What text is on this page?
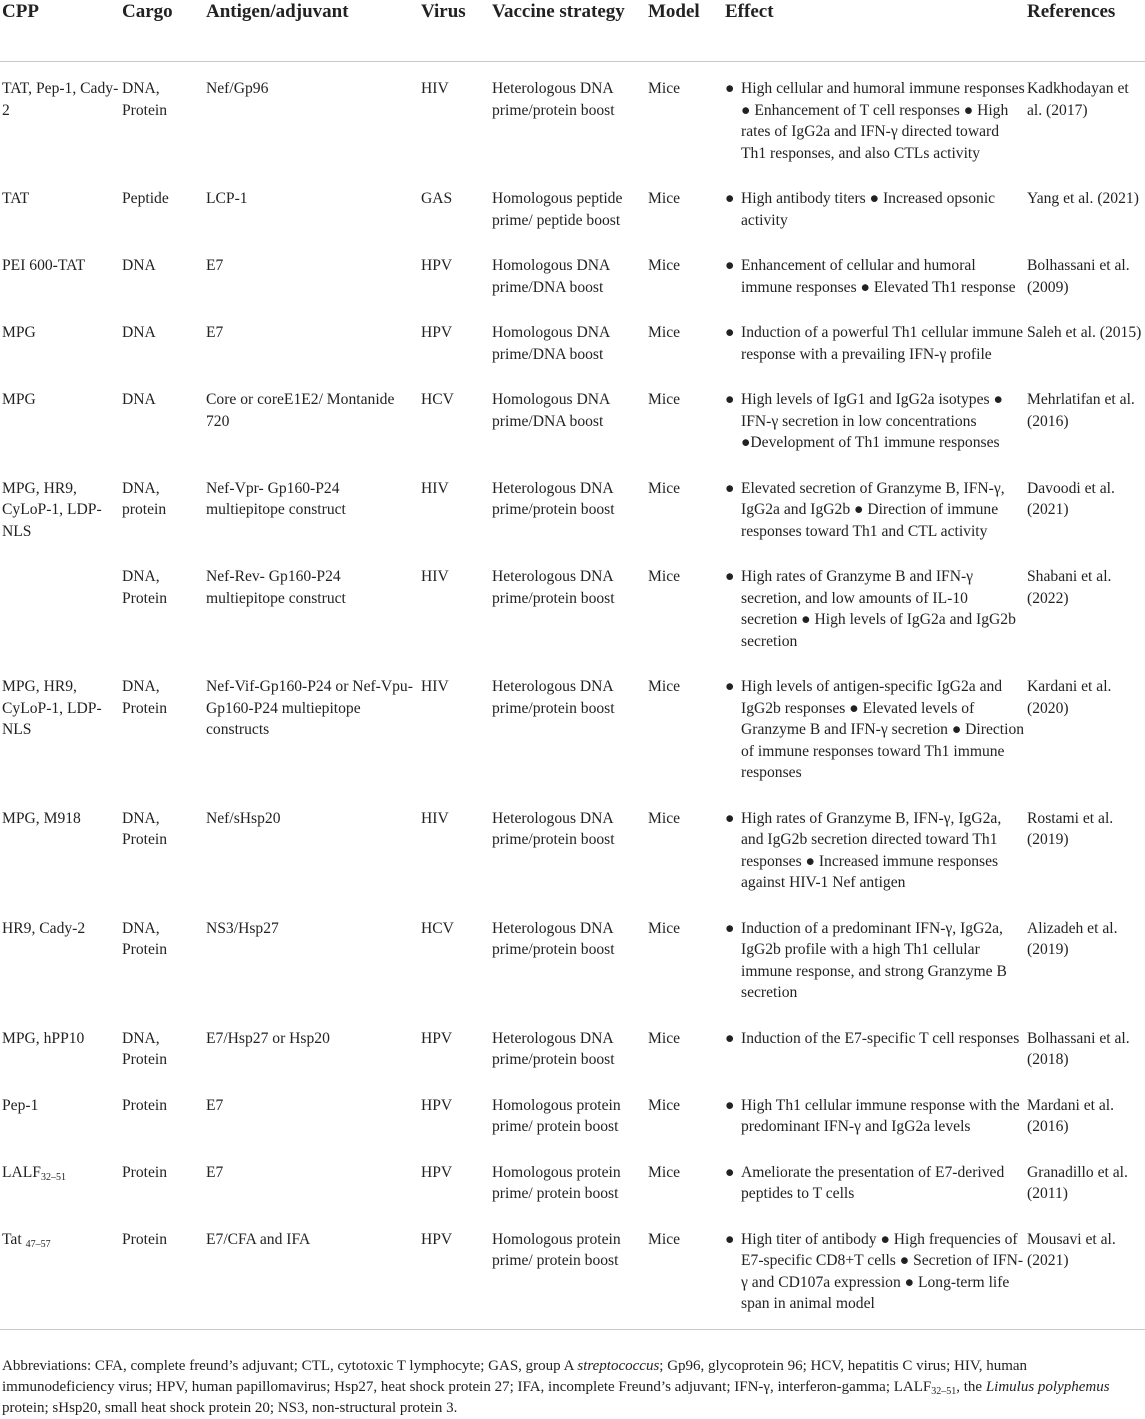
CPP	Cargo	Antigen/adjuvant	Virus	Vaccine strategy	Model	Effect	References
TAT, Pep-1, Cady-2	DNA, Protein	Nef/Gp96	HIV	Heterologous DNA prime/protein boost	Mice	● High cellular and humoral immune responses ● Enhancement of T cell responses ● High rates of IgG2a and IFN-γ directed toward Th1 responses, and also CTLs activity	Kadkhodayan et al. (2017)
TAT	Peptide	LCP-1	GAS	Homologous peptide prime/ peptide boost	Mice	● High antibody titers ● Increased opsonic activity	Yang et al. (2021)
PEI 600-TAT	DNA	E7	HPV	Homologous DNA prime/DNA boost	Mice	● Enhancement of cellular and humoral immune responses ● Elevated Th1 response	Bolhassani et al. (2009)
MPG	DNA	E7	HPV	Homologous DNA prime/DNA boost	Mice	● Induction of a powerful Th1 cellular immune response with a prevailing IFN-γ profile	Saleh et al. (2015)
MPG	DNA	Core or coreE1E2/ Montanide 720	HCV	Homologous DNA prime/DNA boost	Mice	● High levels of IgG1 and IgG2a isotypes ● IFN-γ secretion in low concentrations ●Development of Th1 immune responses	Mehrlatifan et al. (2016)
MPG, HR9, CyLoP-1, LDP-NLS	DNA, protein	Nef-Vpr- Gp160-P24 multiepitope construct	HIV	Heterologous DNA prime/protein boost	Mice	● Elevated secretion of Granzyme B, IFN-γ, IgG2a and IgG2b ● Direction of immune responses toward Th1 and CTL activity	Davoodi et al. (2021)
	DNA, Protein	Nef-Rev- Gp160-P24 multiepitope construct	HIV	Heterologous DNA prime/protein boost	Mice	● High rates of Granzyme B and IFN-γ secretion, and low amounts of IL-10 secretion ● High levels of IgG2a and IgG2b secretion	Shabani et al. (2022)
MPG, HR9, CyLoP-1, LDP-NLS	DNA, Protein	Nef-Vif-Gp160-P24 or Nef-Vpu-Gp160-P24 multiepitope constructs	HIV	Heterologous DNA prime/protein boost	Mice	● High levels of antigen-specific IgG2a and IgG2b responses ● Elevated levels of Granzyme B and IFN-γ secretion ● Direction of immune responses toward Th1 immune responses	Kardani et al. (2020)
MPG, M918	DNA, Protein	Nef/sHsp20	HIV	Heterologous DNA prime/protein boost	Mice	● High rates of Granzyme B, IFN-γ, IgG2a, and IgG2b secretion directed toward Th1 responses ● Increased immune responses against HIV-1 Nef antigen	Rostami et al. (2019)
HR9, Cady-2	DNA, Protein	NS3/Hsp27	HCV	Heterologous DNA prime/protein boost	Mice	● Induction of a predominant IFN-γ, IgG2a, IgG2b profile with a high Th1 cellular immune response, and strong Granzyme B secretion	Alizadeh et al. (2019)
MPG, hPP10	DNA, Protein	E7/Hsp27 or Hsp20	HPV	Heterologous DNA prime/protein boost	Mice	● Induction of the E7-specific T cell responses	Bolhassani et al. (2018)
Pep-1	Protein	E7	HPV	Homologous protein prime/ protein boost	Mice	● High Th1 cellular immune response with the predominant IFN-γ and IgG2a levels	Mardani et al. (2016)
$LALF_{32-51}$	Protein	E7	HPV	Homologous protein prime/ protein boost	Mice	● Ameliorate the presentation of E7-derived peptides to T cells	Granadillo et al. (2011)
Tat $_{47-57}$	Protein	E7/CFA and IFA	HPV	Homologous protein prime/ protein boost	Mice	● High titer of antibody ● High frequencies of E7-specific CD8+T cells ● Secretion of IFN-γ and CD107a expression ● Long-term life span in animal model	Mousavi et al. (2021)
Abbreviations: CFA, complete freund’s adjuvant; CTL, cytotoxic T lymphocyte; GAS, group A streptococcus; Gp96, glycoprotein 96; HCV, hepatitis C virus; HIV, human immunodeficiency virus; HPV, human papillomavirus; Hsp27, heat shock protein 27; IFA, incomplete Freund’s adjuvant; IFN-γ, interferon-gamma; $LALF_{32-51}$, the Limulus polyphemus protein; sHsp20, small heat shock protein 20; NS3, non-structural protein 3.
